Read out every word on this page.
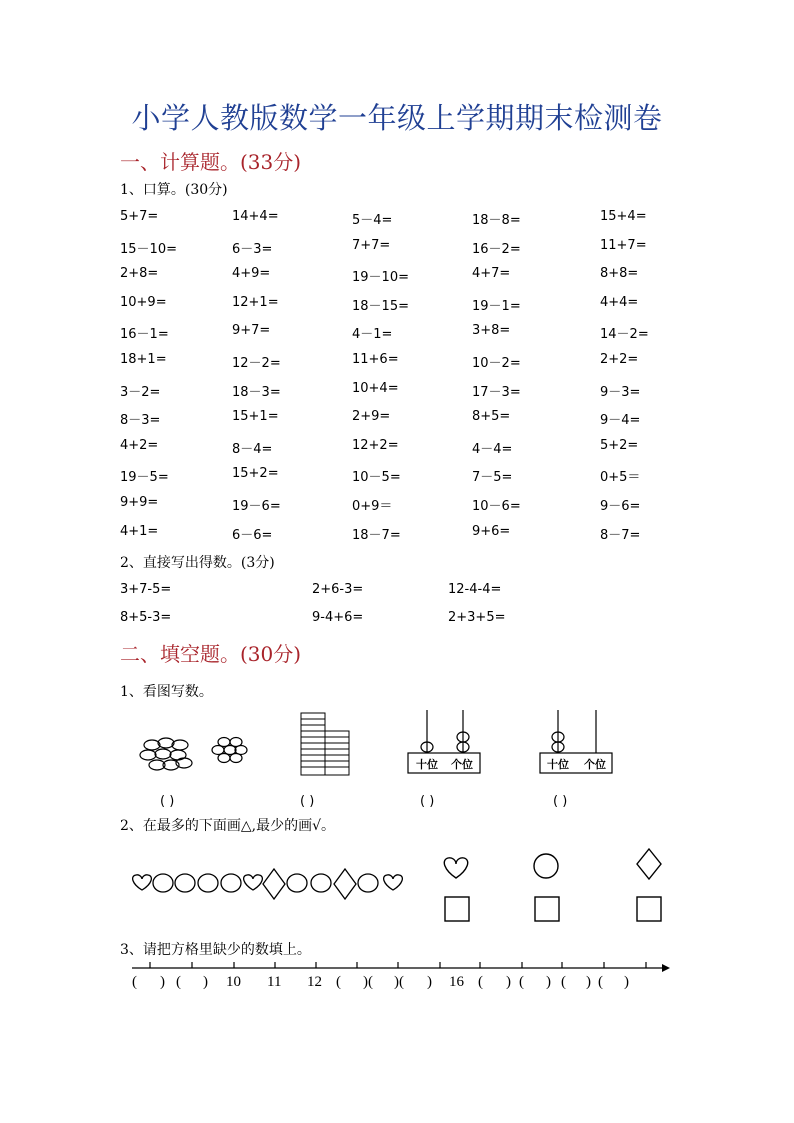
小学人教版数学一年级上学期期末检测卷
一、计算题。(33分)
1、口算。(30分)
5+7=	14+4=	5－4=	18－8=	15+4=
15－10=	6－3=	7+7=	16－2=	11+7=
2+8=	4+9=	19－10=	4+7=	8+8=
10+9=	12+1=	18－15=	19－1=	4+4=
16－1=	9+7=	4－1=	3+8=	14－2=
18+1=	12－2=	11+6=	10－2=	2+2=
3－2=	18－3=	10+4=	17－3=	9－3=
8－3=	15+1=	2+9=	8+5=	9－4=
4+2=	8－4=	12+2=	4－4=	5+2=
19－5=	15+2=	10－5=	7－5=	0+5＝
9+9=	19－6=	0+9＝	10－6=	9－6=
4+1=	6－6=	18－7=	9+6=	8－7=
2、直接写出得数。(3分)
3+7-5=	2+6-3=	12-4-4=
8+5-3=	9-4+6=	2+3+5=
二、填空题。(30分)
1、看图写数。
十位 个位	十位 个位
( )	( )	( )	( )
2、在最多的下面画△,最少的画√。
3、请把方格里缺少的数填上。
( ) ( ) 10 11 12 ( )( )( ) 16 ( ) ( ) ( ) ( )
